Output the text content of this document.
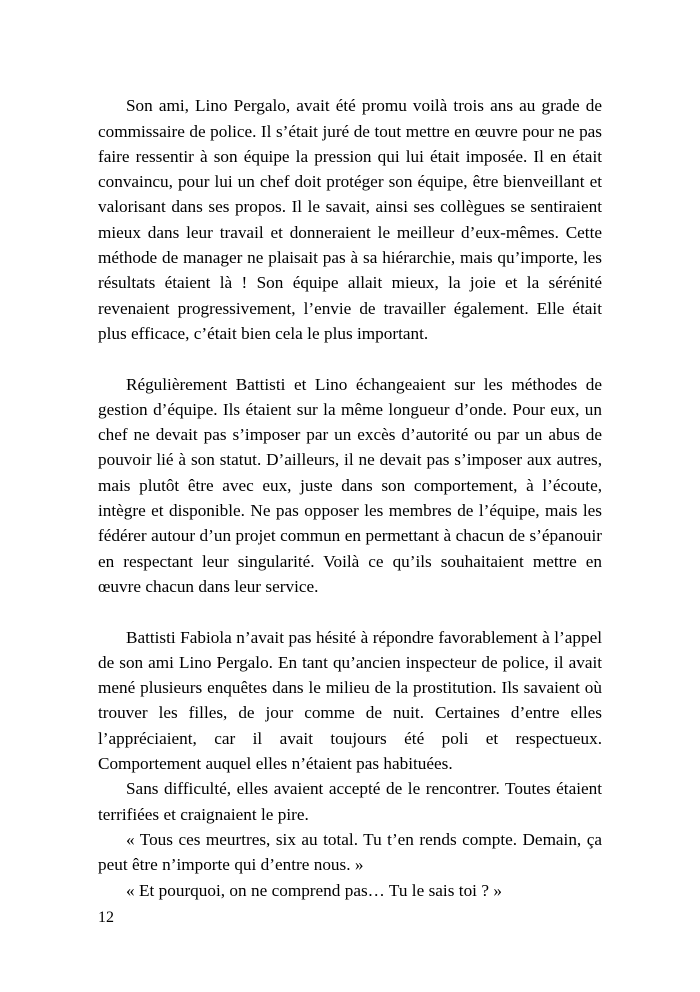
Son ami, Lino Pergalo, avait été promu voilà trois ans au grade de commissaire de police. Il s’était juré de tout mettre en œuvre pour ne pas faire ressentir à son équipe la pression qui lui était imposée. Il en était convaincu, pour lui un chef doit protéger son équipe, être bienveillant et valorisant dans ses propos. Il le savait, ainsi ses collègues se sentiraient mieux dans leur travail et donneraient le meilleur d’eux-mêmes. Cette méthode de manager ne plaisait pas à sa hiérarchie, mais qu’importe, les résultats étaient là ! Son équipe allait mieux, la joie et la sérénité revenaient progressivement, l’envie de travailler également. Elle était plus efficace, c’était bien cela le plus important.

Régulièrement Battisti et Lino échangeaient sur les méthodes de gestion d’équipe. Ils étaient sur la même longueur d’onde. Pour eux, un chef ne devait pas s’imposer par un excès d’autorité ou par un abus de pouvoir lié à son statut. D’ailleurs, il ne devait pas s’imposer aux autres, mais plutôt être avec eux, juste dans son comportement, à l’écoute, intègre et disponible. Ne pas opposer les membres de l’équipe, mais les fédérer autour d’un projet commun en permettant à chacun de s’épanouir en respectant leur singularité. Voilà ce qu’ils souhaitaient mettre en œuvre chacun dans leur service.

Battisti Fabiola n’avait pas hésité à répondre favorablement à l’appel de son ami Lino Pergalo. En tant qu’ancien inspecteur de police, il avait mené plusieurs enquêtes dans le milieu de la prostitution. Ils savaient où trouver les filles, de jour comme de nuit. Certaines d’entre elles l’appréciaient, car il avait toujours été poli et respectueux. Comportement auquel elles n’étaient pas habituées.

Sans difficulté, elles avaient accepté de le rencontrer. Toutes étaient terrifiées et craignaient le pire.

« Tous ces meurtres, six au total. Tu t’en rends compte. Demain, ça peut être n’importe qui d’entre nous. »

« Et pourquoi, on ne comprend pas… Tu le sais toi ? »

12
